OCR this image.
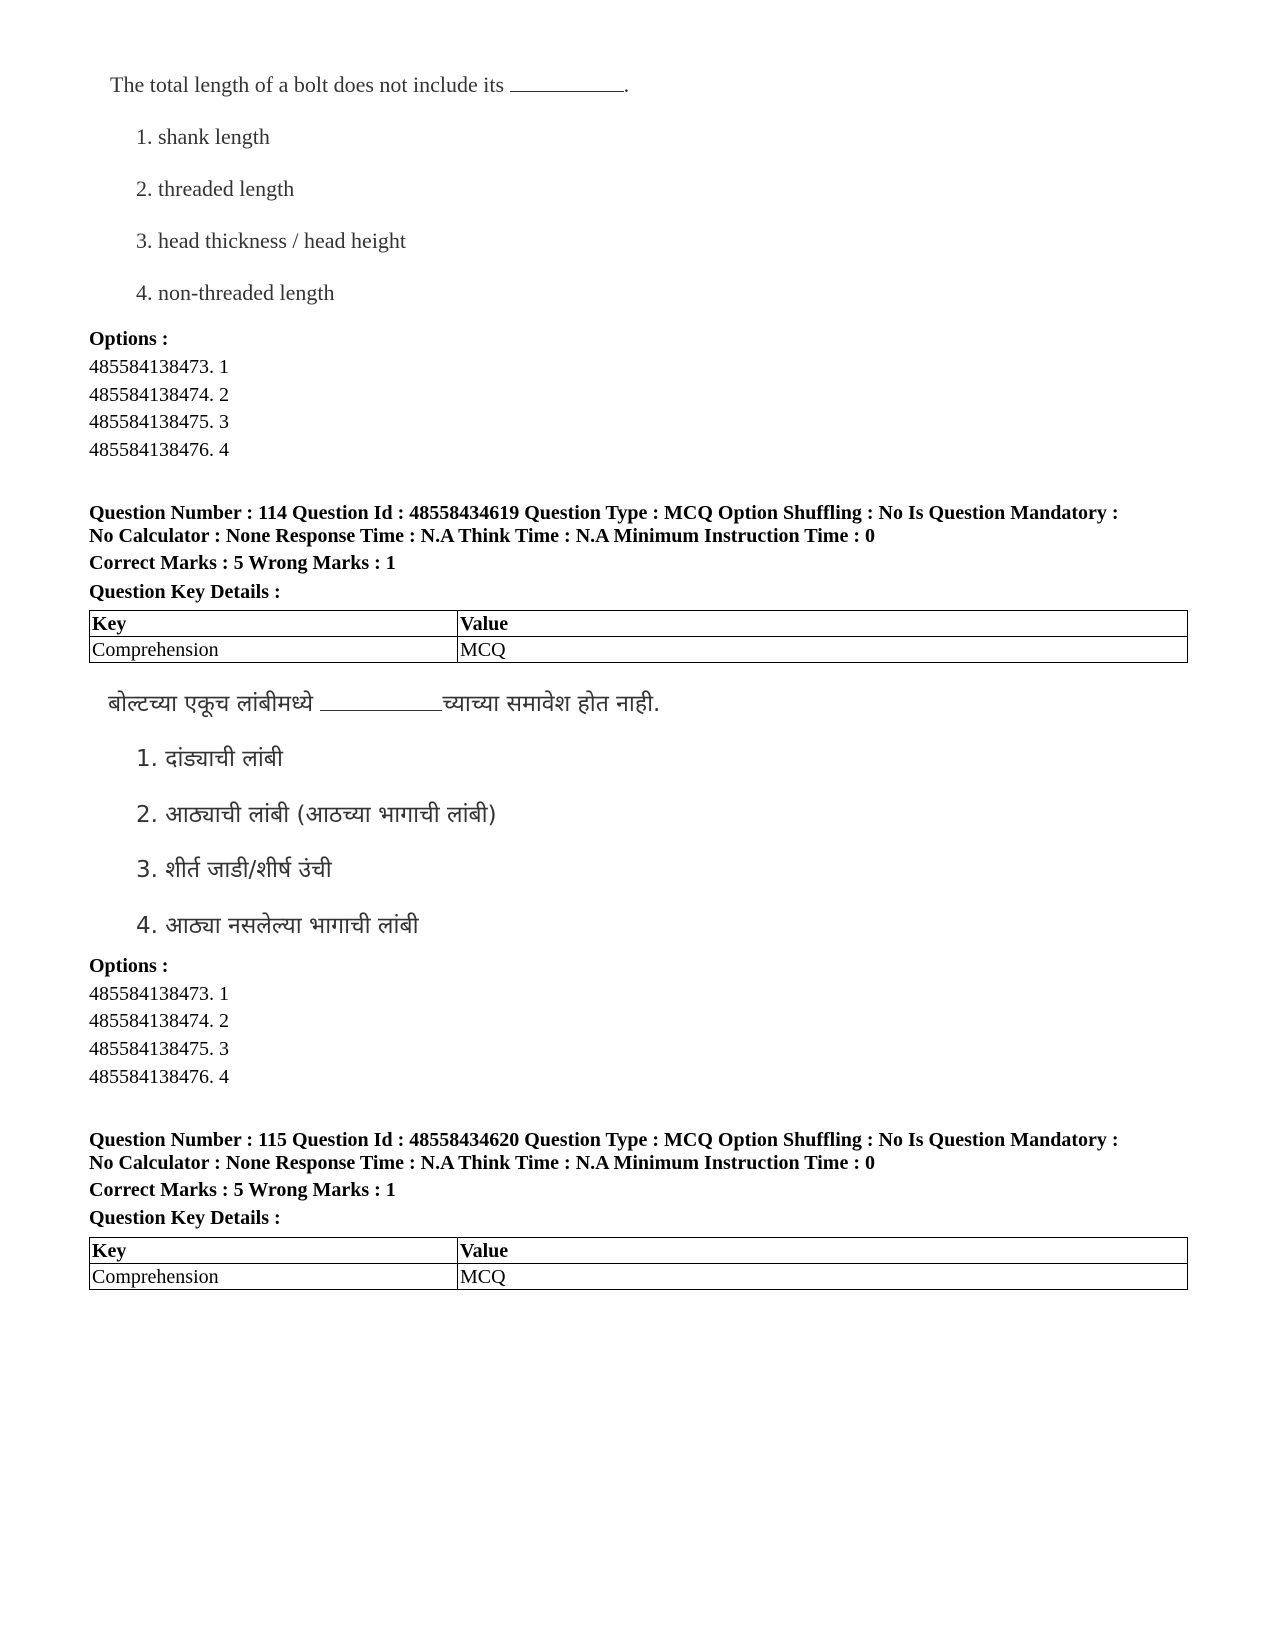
The total length of a bolt does not include its	.
1. shank length
2. threaded length
3. head thickness / head height
4. non-threaded length
Options :
485584138473. 1
485584138474. 2
485584138475. 3
485584138476. 4
Question Number : 114 Question Id : 48558434619 Question Type : MCQ Option Shuffling : No Is Question Mandatory :
No Calculator : None Response Time : N.A Think Time : N.A Minimum Instruction Time : 0
Correct Marks : 5 Wrong Marks : 1
Question Key Details :
Key	Value
Comprehension	MCQ
बोल्टच्या एकूच लांबीमध्ये	च्याच्या समावेश होत नाही.
1. दांड्याची लांबी
2. आठ्याची लांबी (आठच्या भागाची लांबी)
3. शीर्त जाडी/शीर्ष उंची
4. आठ्या नसलेल्या भागाची लांबी
Options :
485584138473. 1
485584138474. 2
485584138475. 3
485584138476. 4
Question Number : 115 Question Id : 48558434620 Question Type : MCQ Option Shuffling : No Is Question Mandatory :
No Calculator : None Response Time : N.A Think Time : N.A Minimum Instruction Time : 0
Correct Marks : 5 Wrong Marks : 1
Question Key Details :
Key	Value
Comprehension	MCQ
